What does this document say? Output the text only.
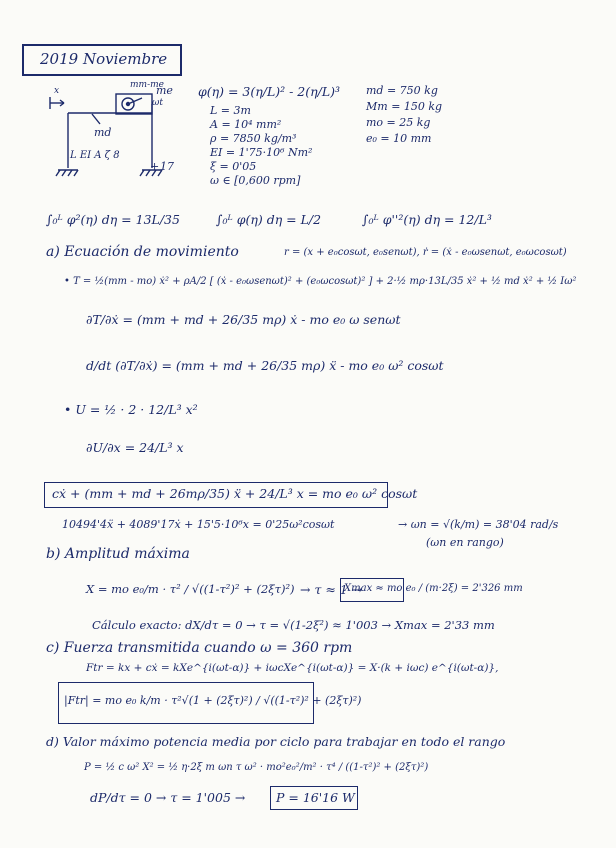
2019 Noviembre
me
mm-me
ωt
x
md
L EI A ζ 8
+ 17
φ(η) = 3(η/L)² - 2(η/L)³
L = 3m
A = 10⁴ mm²
ρ = 7850 kg/m³
EI = 1'75·10⁶ Nm²
ξ = 0'05
ω ∈ [0,600 rpm]
md = 750 kg
Mm = 150 kg
mo = 25 kg
e₀ = 10 mm
∫₀ᴸ φ²(η) dη = 13L/35	∫₀ᴸ φ(η) dη = L/2	∫₀ᴸ φ''²(η) dη = 12/L³
a) Ecuación de movimiento	r = (x + e₀cosωt, e₀senωt), ṙ = (ẋ - e₀ωsenωt, e₀ωcosωt)
• T = ½(mm - mo) ẋ² + ρA/2 [ (ẋ - e₀ωsenωt)² + (e₀ωcosωt)² ] + 2·½ mρ·13L/35 ẋ² + ½ md ẋ² + ½ Iω²
∂T/∂ẋ = (mm + md + 26/35 mρ) ẋ - mo e₀ ω senωt
d/dt (∂T/∂ẋ) = (mm + md + 26/35 mρ) ẍ - mo e₀ ω² cosωt
• U = ½ · 2 · 12/L³ x²
∂U/∂x = 24/L³ x
cẋ + (mm + md + 26mρ/35) ẍ + 24/L³ x = mo e₀ ω² cosωt
10494'4ẍ + 4089'17ẋ + 15'5·10⁶x = 0'25ω²cosωt	→ ωn = √(k/m) = 38'04 rad/s
(ωn en rango)
b) Amplitud máxima
X = mo e₀/m · τ² / √((1-τ²)² + (2ξτ)²) → τ ≈ 1 →
Xmax ≈ mo e₀ / (m·2ξ) = 2'326 mm
Cálculo exacto: dX/dτ = 0 → τ = √(1-2ξ²) ≈ 1'003 → Xmax = 2'33 mm
c) Fuerza transmitida cuando ω = 360 rpm
Ftr = kx + cẋ = kXe^{i(ωt-α)} + iωcXe^{i(ωt-α)} = X·(k + iωc) e^{i(ωt-α)},
|Ftr| = mo e₀ k/m · τ²√(1 + (2ξτ)²) / √((1-τ²)² + (2ξτ)²)
d) Valor máximo potencia media por ciclo para trabajar en todo el rango
P = ½ c ω² X² = ½ η·2ξ m ωn τ ω² · mo²e₀²/m² · τ⁴ / ((1-τ²)² + (2ξτ)²)
dP/dτ = 0 → τ = 1'005 → P = 16'16 W
